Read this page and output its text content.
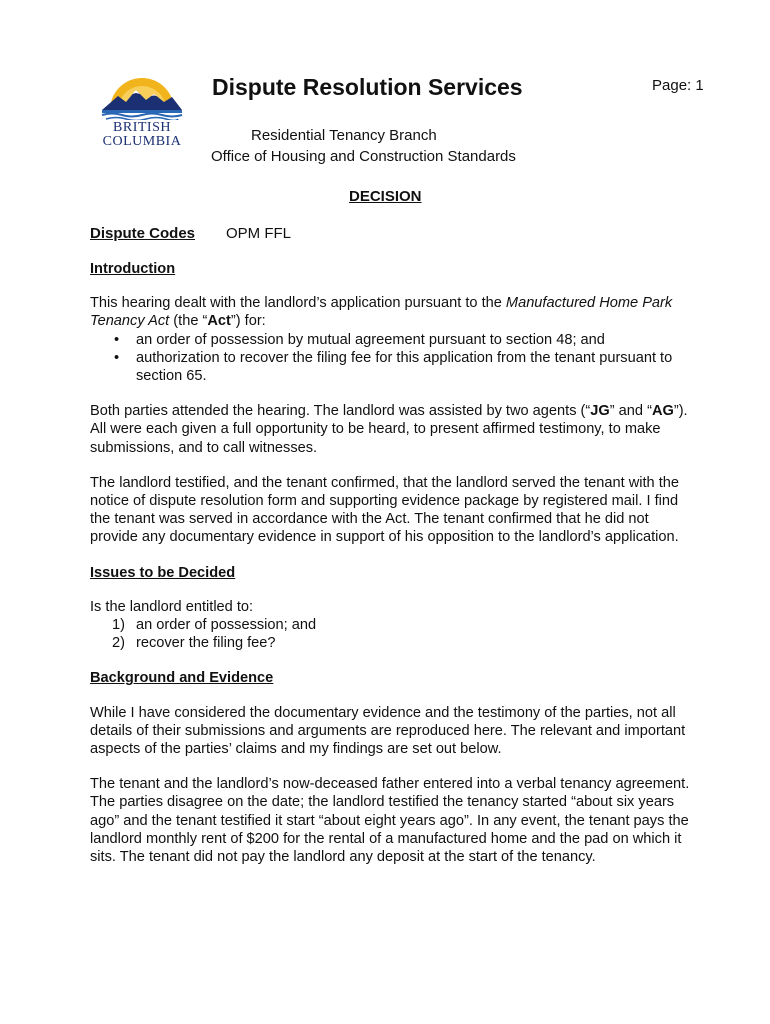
BRITISH
COLUMBIA
Dispute Resolution Services	Page: 1
Residential Tenancy Branch
Office of Housing and Construction Standards
DECISION
Dispute Codes OPM FFL
Introduction

This hearing dealt with the landlord’s application pursuant to the Manufactured Home Park Tenancy Act (the “Act”) for:

• an order of possession by mutual agreement pursuant to section 48; and
• authorization to recover the filing fee for this application from the tenant pursuant to section 65.

Both parties attended the hearing. The landlord was assisted by two agents (“JG” and “AG”). All were each given a full opportunity to be heard, to present affirmed testimony, to make submissions, and to call witnesses.

The landlord testified, and the tenant confirmed, that the landlord served the tenant with the notice of dispute resolution form and supporting evidence package by registered mail. I find the tenant was served in accordance with the Act. The tenant confirmed that he did not provide any documentary evidence in support of his opposition to the landlord’s application.

Issues to be Decided

Is the landlord entitled to:

1) an order of possession; and
2) recover the filing fee?
Background and Evidence

While I have considered the documentary evidence and the testimony of the parties, not all details of their submissions and arguments are reproduced here. The relevant and important aspects of the parties’ claims and my findings are set out below.

The tenant and the landlord’s now-deceased father entered into a verbal tenancy agreement. The parties disagree on the date; the landlord testified the tenancy started “about six years ago” and the tenant testified it start “about eight years ago”. In any event, the tenant pays the landlord monthly rent of $200 for the rental of a manufactured home and the pad on which it sits. The tenant did not pay the landlord any deposit at the start of the tenancy.
